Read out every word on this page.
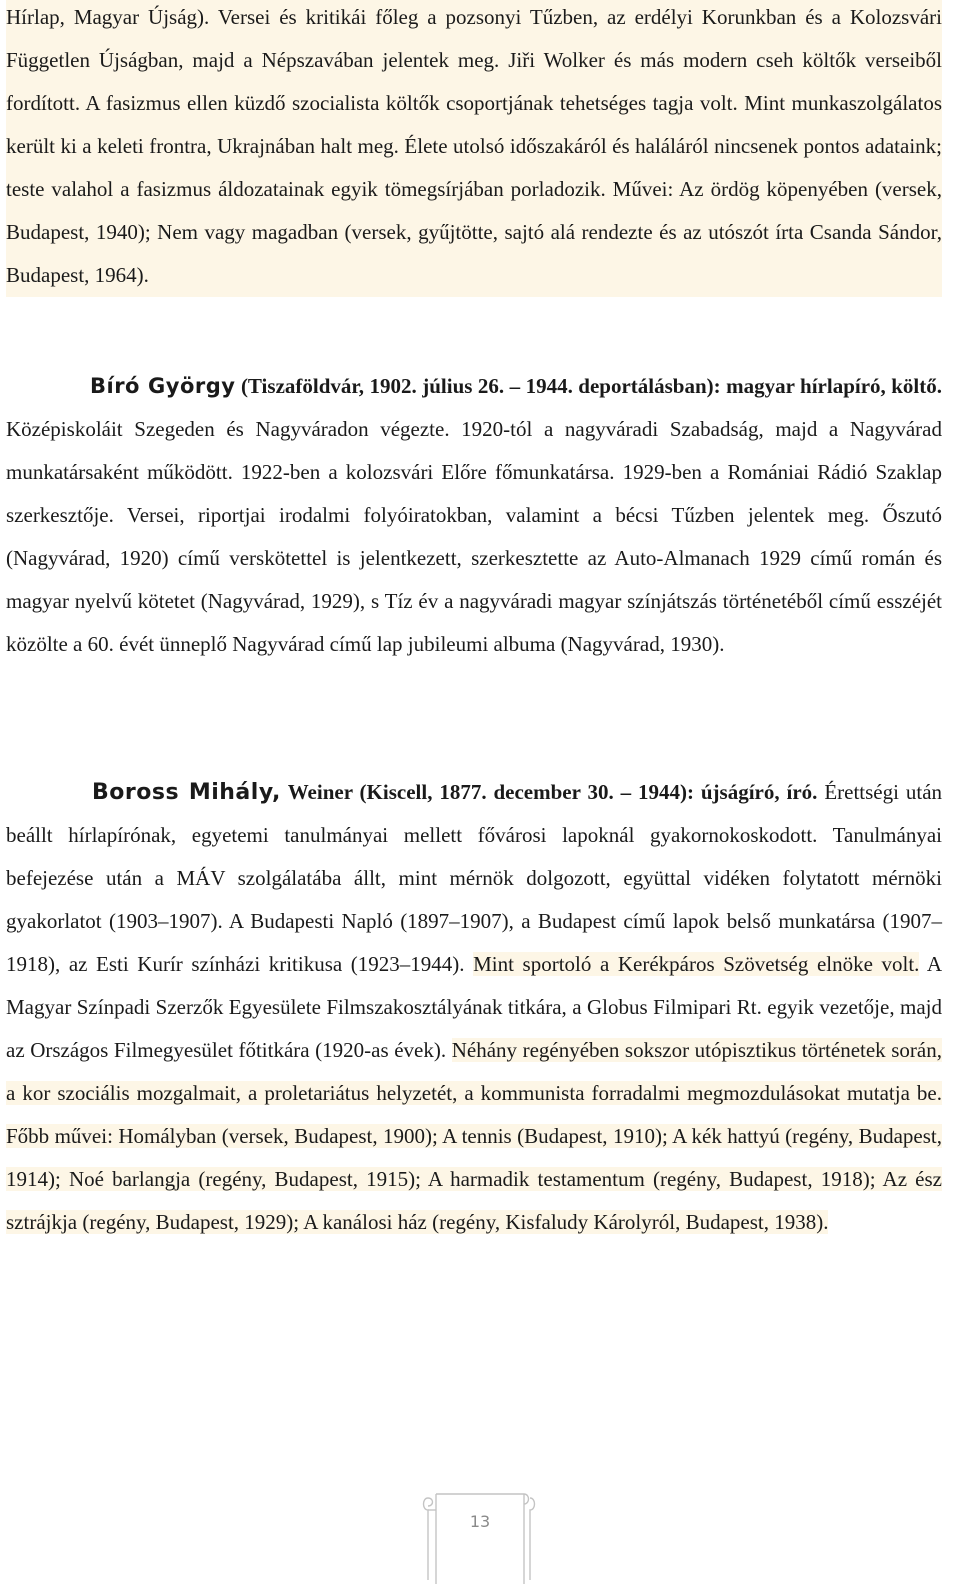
Hírlap, Magyar Újság). Versei és kritikái főleg a pozsonyi Tűzben, az erdélyi Korunkban és a Kolozsvári Független Újságban, majd a Népszavában jelentek meg. Jiři Wolker és más modern cseh költők verseiből fordított. A fasizmus ellen küzdő szocialista költők csoportjának tehetséges tagja volt. Mint munkaszolgálatos került ki a keleti frontra, Ukrajnában halt meg. Élete utolsó időszakáról és haláláról nincsenek pontos adataink; teste valahol a fasizmus áldozatainak egyik tömegsírjában porladozik. Művei: Az ördög köpenyében (versek, Budapest, 1940); Nem vagy magadban (versek, gyűjtötte, sajtó alá rendezte és az utószót írta Csanda Sándor, Budapest, 1964).

Bíró György (Tiszaföldvár, 1902. július 26. – 1944. deportálásban): magyar hírlapíró, költő. Középiskoláit Szegeden és Nagyváradon végezte. 1920-tól a nagyváradi Szabadság, majd a Nagyvárad munkatársaként működött. 1922-ben a kolozsvári Előre főmunkatársa. 1929-ben a Romániai Rádió Szaklap szerkesztője. Versei, riportjai irodalmi folyóiratokban, valamint a bécsi Tűzben jelentek meg. Őszutó (Nagyvárad, 1920) című verskötettel is jelentkezett, szerkesztette az Auto-Almanach 1929 című román és magyar nyelvű kötetet (Nagyvárad, 1929), s Tíz év a nagyváradi magyar színjátszás történetéből című esszéjét közölte a 60. évét ünneplő Nagyvárad című lap jubileumi albuma (Nagyvárad, 1930).

Boross Mihály, Weiner (Kiscell, 1877. december 30. – 1944): újságíró, író. Érettségi után beállt hírlapírónak, egyetemi tanulmányai mellett fővárosi lapoknál gyakornokoskodott. Tanulmányai befejezése után a MÁV szolgálatába állt, mint mérnök dolgozott, együttal vidéken folytatott mérnöki gyakorlatot (1903–1907). A Budapesti Napló (1897–1907), a Budapest című lapok belső munkatársa (1907–1918), az Esti Kurír színházi kritikusa (1923–1944). Mint sportoló a Kerékpáros Szövetség elnöke volt. A Magyar Színpadi Szerzők Egyesülete Filmszakosztályának titkára, a Globus Filmipari Rt. egyik vezetője, majd az Országos Filmegyesület főtitkára (1920-as évek). Néhány regényében sokszor utópisztikus történetek során, a kor szociális mozgalmait, a proletariátus helyzetét, a kommunista forradalmi megmozdulásokat mutatja be. Főbb művei: Homályban (versek, Budapest, 1900); A tennis (Budapest, 1910); A kék hattyú (regény, Budapest, 1914); Noé barlangja (regény, Budapest, 1915); A harmadik testamentum (regény, Budapest, 1918); Az ész sztrájkja (regény, Budapest, 1929); A kanálosi ház (regény, Kisfaludy Károlyról, Budapest, 1938).

13
